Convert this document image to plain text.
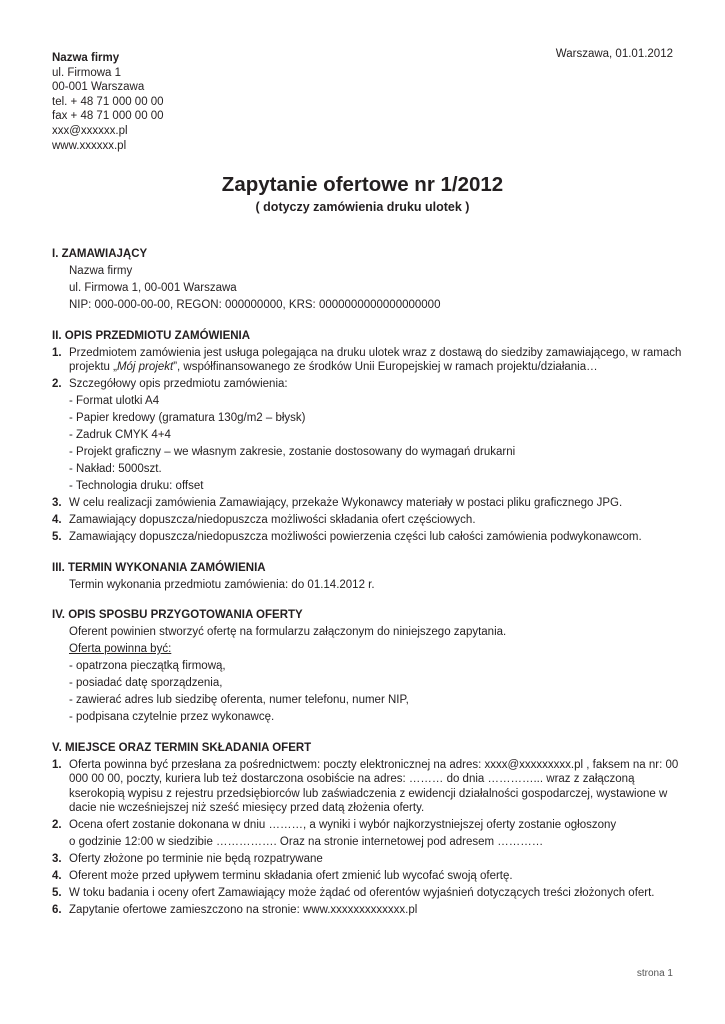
Nazwa firmy
ul. Firmowa 1
00-001 Warszawa
tel. + 48 71 000 00 00
fax + 48 71 000 00 00
xxx@xxxxxx.pl
www.xxxxxx.pl
Warszawa, 01.01.2012
Zapytanie ofertowe nr 1/2012
( dotyczy zamówienia druku ulotek )
I. ZAMAWIAJĄCY
Nazwa firmy
ul. Firmowa 1, 00-001 Warszawa
NIP: 000-000-00-00, REGON: 000000000, KRS: 0000000000000000000
II. OPIS PRZEDMIOTU ZAMÓWIENIA
1. Przedmiotem zamówienia jest usługa polegająca na druku ulotek wraz z dostawą do siedziby zamawiającego, w ramach projektu „Mój projekt”, współfinansowanego ze środków Unii Europejskiej w ramach projektu/działania…
2. Szczegółowy opis przedmiotu zamówienia:
- Format ulotki A4
- Papier kredowy (gramatura 130g/m2 – błysk)
- Zadruk CMYK 4+4
- Projekt graficzny – we własnym zakresie, zostanie dostosowany do wymagań drukarni
- Nakład: 5000szt.
- Technologia druku: offset
3. W celu realizacji zamówienia Zamawiający, przekaże Wykonawcy materiały w postaci pliku graficznego JPG.
4. Zamawiający dopuszcza/niedopuszcza możliwości składania ofert częściowych.
5. Zamawiający dopuszcza/niedopuszcza możliwości powierzenia części lub całości zamówienia podwykonawcom.
III. TERMIN WYKONANIA ZAMÓWIENIA
Termin wykonania przedmiotu zamówienia: do 01.14.2012 r.
IV. OPIS SPOSBU PRZYGOTOWANIA OFERTY
Oferent powinien stworzyć ofertę na formularzu załączonym do niniejszego zapytania.
Oferta powinna być:
- opatrzona pieczątką firmową,
- posiadać datę sporządzenia,
- zawierać adres lub siedzibę oferenta, numer telefonu, numer NIP,
- podpisana czytelnie przez wykonawcę.
V. MIEJSCE ORAZ TERMIN SKŁADANIA OFERT
1. Oferta powinna być przesłana za pośrednictwem: poczty elektronicznej na adres: xxxx@xxxxxxxxx.pl , faksem na nr: 00 000 00 00, poczty, kuriera lub też dostarczona osobiście na adres: ……… do dnia …………... wraz z załączoną kserokopią wypisu z rejestru przedsiębiorców lub zaświadczenia z ewidencji działalności gospodarczej, wystawione w dacie nie wcześniejszej niż sześć miesięcy przed datą złożenia oferty.
2. Ocena ofert zostanie dokonana w dniu ………, a wyniki i wybór najkorzystniejszej oferty zostanie ogłoszony
o godzinie 12:00 w siedzibie ……………. Oraz na stronie internetowej pod adresem …………
3. Oferty złożone po terminie nie będą rozpatrywane
4. Oferent może przed upływem terminu składania ofert zmienić lub wycofać swoją ofertę.
5. W toku badania i oceny ofert Zamawiający może żądać od oferentów wyjaśnień dotyczących treści złożonych ofert.
6. Zapytanie ofertowe zamieszczono na stronie: www.xxxxxxxxxxxxx.pl
strona 1
